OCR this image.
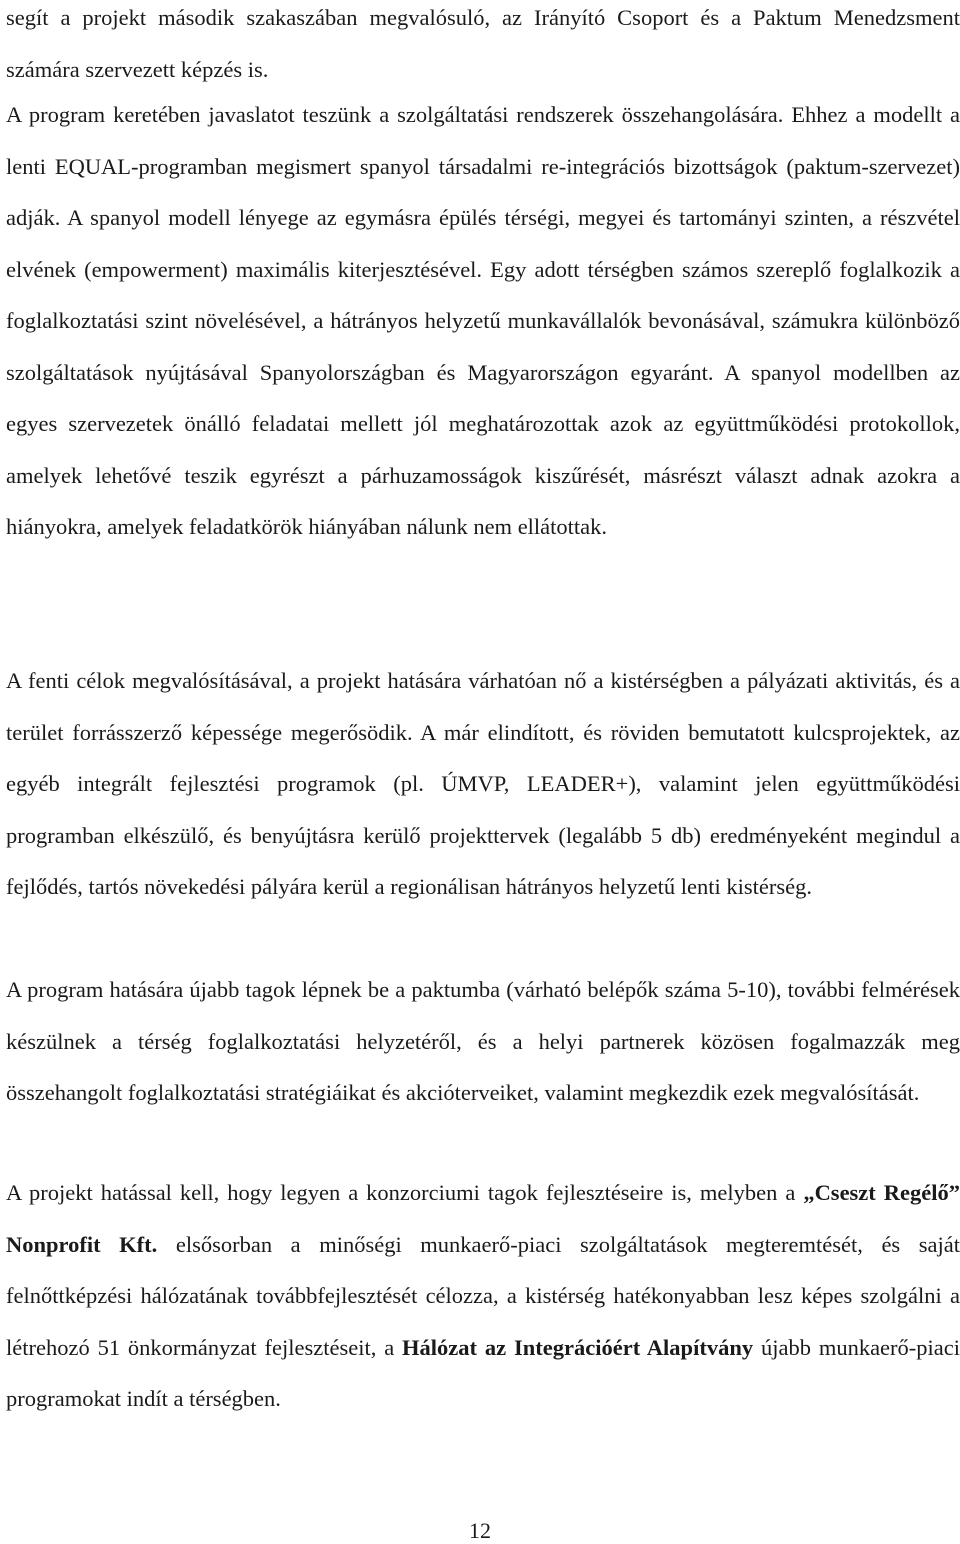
segít a projekt második szakaszában megvalósuló, az Irányító Csoport és a Paktum Menedzsment számára szervezett képzés is.

A program keretében javaslatot teszünk a szolgáltatási rendszerek összehangolására. Ehhez a modellt a lenti EQUAL-programban megismert spanyol társadalmi re-integrációs bizottságok (paktum-szervezet) adják. A spanyol modell lényege az egymásra épülés térségi, megyei és tartományi szinten, a részvétel elvének (empowerment) maximális kiterjesztésével. Egy adott térségben számos szereplő foglalkozik a foglalkoztatási szint növelésével, a hátrányos helyzetű munkavállalók bevonásával, számukra különböző szolgáltatások nyújtásával Spanyolországban és Magyarországon egyaránt. A spanyol modellben az egyes szervezetek önálló feladatai mellett jól meghatározottak azok az együttműködési protokollok, amelyek lehetővé teszik egyrészt a párhuzamosságok kiszűrését, másrészt választ adnak azokra a hiányokra, amelyek feladatkörök hiányában nálunk nem ellátottak.

A fenti célok megvalósításával, a projekt hatására várhatóan nő a kistérségben a pályázati aktivitás, és a terület forrásszerző képessége megerősödik. A már elindított, és röviden bemutatott kulcsprojektek, az egyéb integrált fejlesztési programok (pl. ÚMVP, LEADER+), valamint jelen együttműködési programban elkészülő, és benyújtásra kerülő projekttervek (legalább 5 db) eredményeként megindul a fejlődés, tartós növekedési pályára kerül a regionálisan hátrányos helyzetű lenti kistérség.

A program hatására újabb tagok lépnek be a paktumba (várható belépők száma 5-10), további felmérések készülnek a térség foglalkoztatási helyzetéről, és a helyi partnerek közösen fogalmazzák meg összehangolt foglalkoztatási stratégiáikat és akcióterveiket, valamint megkezdik ezek megvalósítását.

A projekt hatással kell, hogy legyen a konzorciumi tagok fejlesztéseire is, melyben a „Cseszt Regélő” Nonprofit Kft. elsősorban a minőségi munkaerő-piaci szolgáltatások megteremtését, és saját felnőttképzési hálózatának továbbfejlesztését célozza, a kistérség hatékonyabban lesz képes szolgálni a létrehozó 51 önkormányzat fejlesztéseit, a Hálózat az Integrációért Alapítvány újabb munkaerő-piaci programokat indít a térségben.

12
